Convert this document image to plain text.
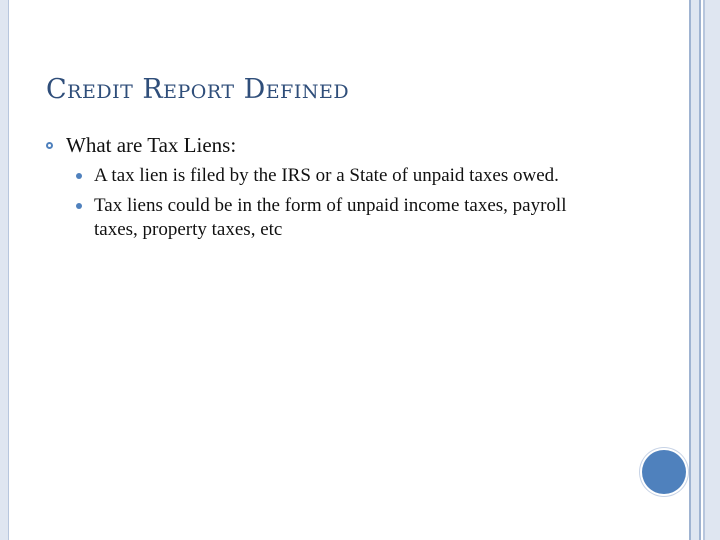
Credit Report Defined
What are Tax Liens:
A tax lien is filed by the IRS or a State of unpaid taxes owed.
Tax liens could be in the form of unpaid income taxes, payroll taxes, property taxes, etc
